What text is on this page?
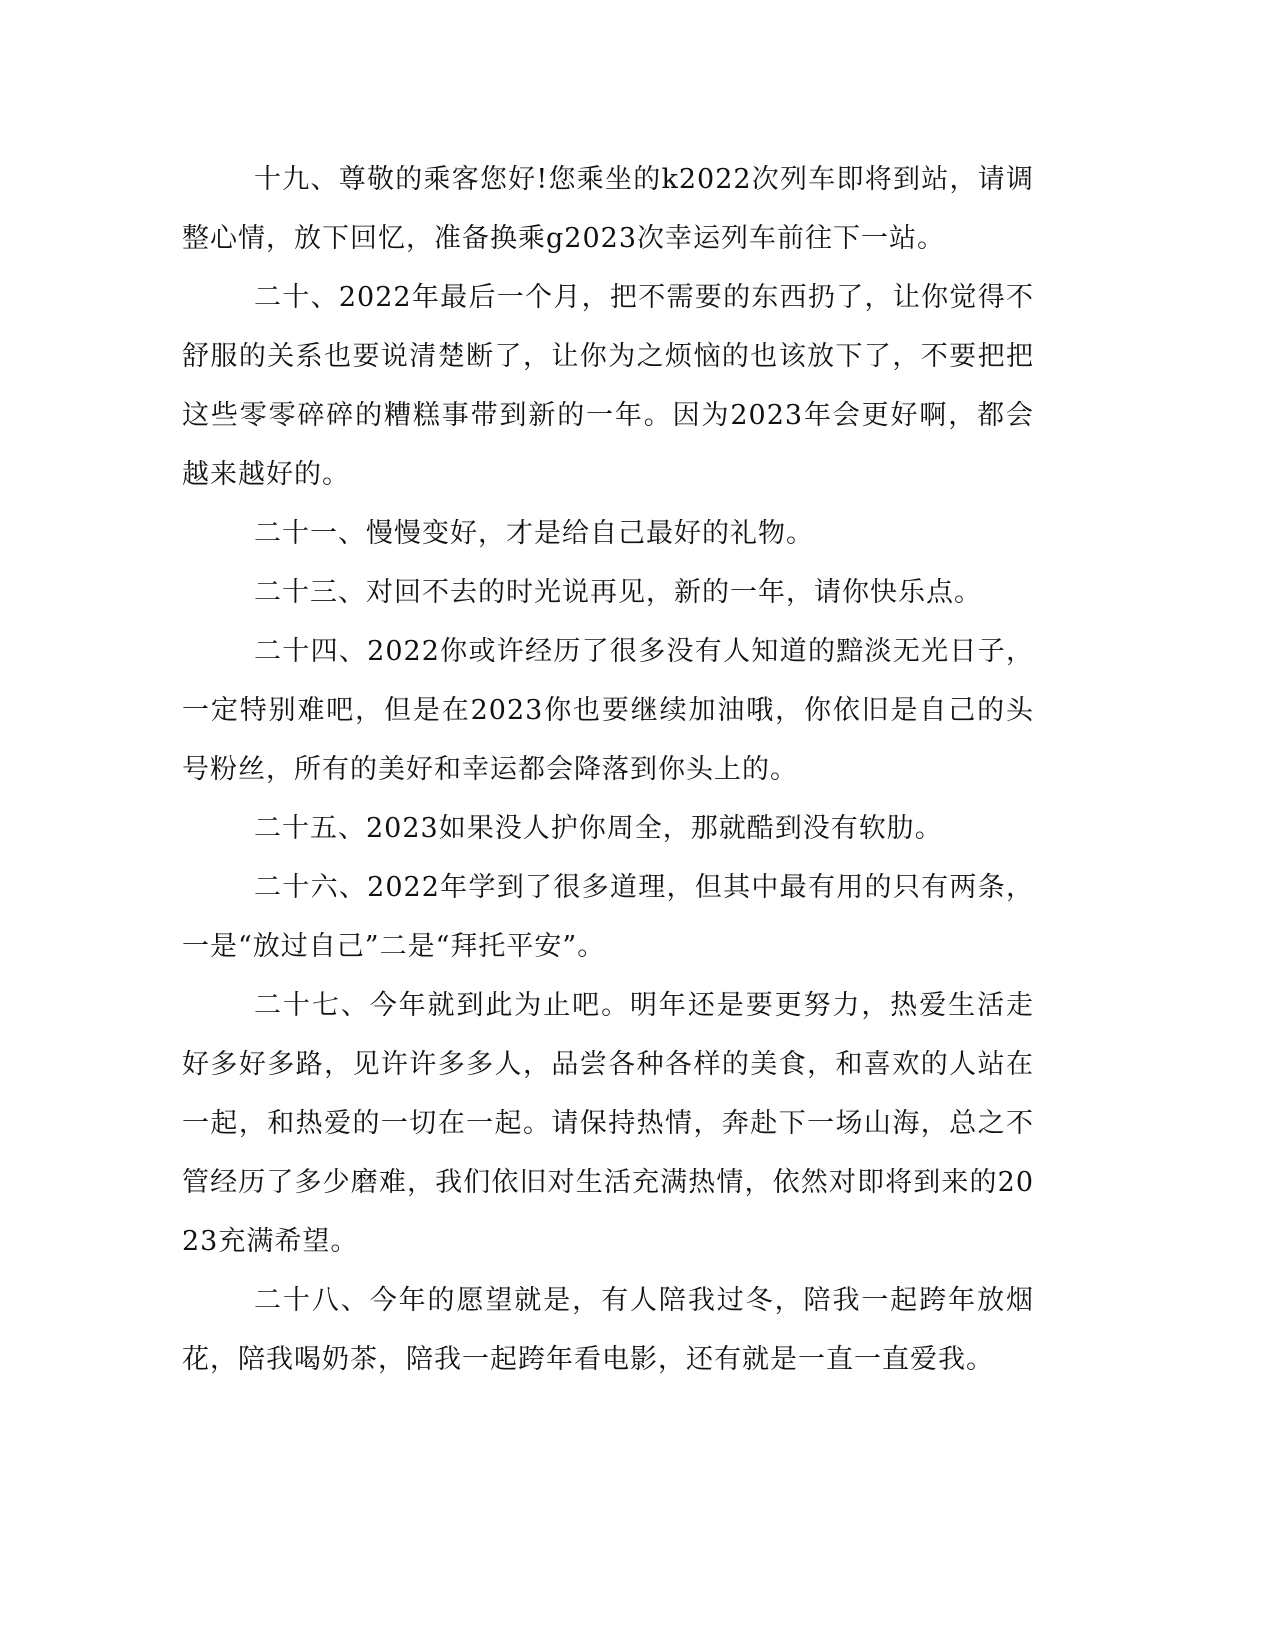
十九、尊敬的乘客您好!您乘坐的k2022次列车即将到站，请调整心情，放下回忆，准备换乘g2023次幸运列车前往下一站。

二十、2022年最后一个月，把不需要的东西扔了，让你觉得不舒服的关系也要说清楚断了，让你为之烦恼的也该放下了，不要把把这些零零碎碎的糟糕事带到新的一年。因为2023年会更好啊，都会越来越好的。

二十一、慢慢变好，才是给自己最好的礼物。

二十三、对回不去的时光说再见，新的一年，请你快乐点。

二十四、2022你或许经历了很多没有人知道的黯淡无光日子，一定特别难吧，但是在2023你也要继续加油哦，你依旧是自己的头号粉丝，所有的美好和幸运都会降落到你头上的。

二十五、2023如果没人护你周全，那就酷到没有软肋。

二十六、2022年学到了很多道理，但其中最有用的只有两条，一是“放过自己”二是“拜托平安”。

二十七、今年就到此为止吧。明年还是要更努力，热爱生活走好多好多路，见许许多多人，品尝各种各样的美食，和喜欢的人站在一起，和热爱的一切在一起。请保持热情，奔赴下一场山海，总之不管经历了多少磨难，我们依旧对生活充满热情，依然对即将到来的2023充满希望。

二十八、今年的愿望就是，有人陪我过冬，陪我一起跨年放烟花，陪我喝奶茶，陪我一起跨年看电影，还有就是一直一直爱我。
